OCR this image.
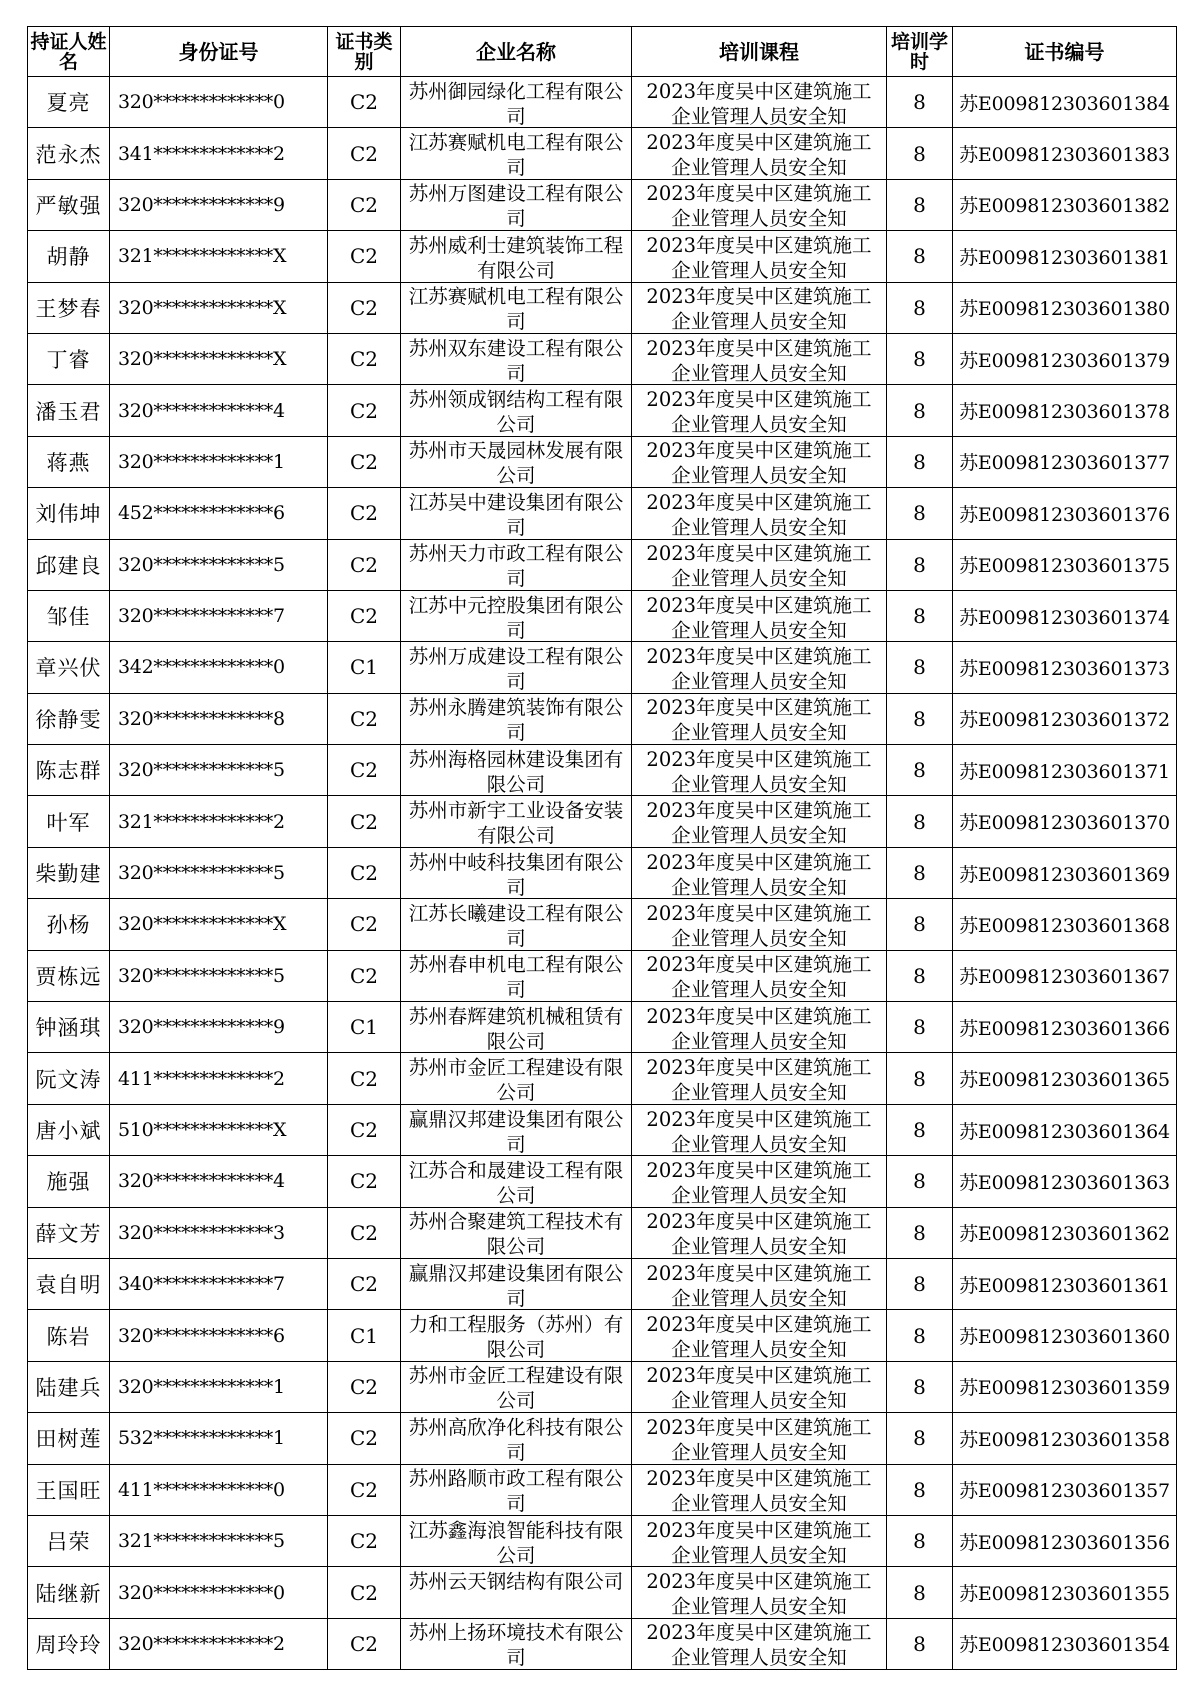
持证人姓名	身份证号	证书类别	企业名称	培训课程	培训学时	证书编号
夏亮	320*************0	C2	苏州御园绿化工程有限公司	2023年度吴中区建筑施工企业管理人员安全知	8	苏E009812303601384
范永杰	341*************2	C2	江苏赛赋机电工程有限公司	2023年度吴中区建筑施工企业管理人员安全知	8	苏E009812303601383
严敏强	320*************9	C2	苏州万图建设工程有限公司	2023年度吴中区建筑施工企业管理人员安全知	8	苏E009812303601382
胡静	321*************X	C2	苏州威利士建筑装饰工程有限公司	2023年度吴中区建筑施工企业管理人员安全知	8	苏E009812303601381
王梦春	320*************X	C2	江苏赛赋机电工程有限公司	2023年度吴中区建筑施工企业管理人员安全知	8	苏E009812303601380
丁睿	320*************X	C2	苏州双东建设工程有限公司	2023年度吴中区建筑施工企业管理人员安全知	8	苏E009812303601379
潘玉君	320*************4	C2	苏州领成钢结构工程有限公司	2023年度吴中区建筑施工企业管理人员安全知	8	苏E009812303601378
蒋燕	320*************1	C2	苏州市天晟园林发展有限公司	2023年度吴中区建筑施工企业管理人员安全知	8	苏E009812303601377
刘伟坤	452*************6	C2	江苏吴中建设集团有限公司	2023年度吴中区建筑施工企业管理人员安全知	8	苏E009812303601376
邱建良	320*************5	C2	苏州天力市政工程有限公司	2023年度吴中区建筑施工企业管理人员安全知	8	苏E009812303601375
邹佳	320*************7	C2	江苏中元控股集团有限公司	2023年度吴中区建筑施工企业管理人员安全知	8	苏E009812303601374
章兴伏	342*************0	C1	苏州万成建设工程有限公司	2023年度吴中区建筑施工企业管理人员安全知	8	苏E009812303601373
徐静雯	320*************8	C2	苏州永腾建筑装饰有限公司	2023年度吴中区建筑施工企业管理人员安全知	8	苏E009812303601372
陈志群	320*************5	C2	苏州海格园林建设集团有限公司	2023年度吴中区建筑施工企业管理人员安全知	8	苏E009812303601371
叶军	321*************2	C2	苏州市新宇工业设备安装有限公司	2023年度吴中区建筑施工企业管理人员安全知	8	苏E009812303601370
柴勤建	320*************5	C2	苏州中岐科技集团有限公司	2023年度吴中区建筑施工企业管理人员安全知	8	苏E009812303601369
孙杨	320*************X	C2	江苏长曦建设工程有限公司	2023年度吴中区建筑施工企业管理人员安全知	8	苏E009812303601368
贾栋远	320*************5	C2	苏州春申机电工程有限公司	2023年度吴中区建筑施工企业管理人员安全知	8	苏E009812303601367
钟涵琪	320*************9	C1	苏州春辉建筑机械租赁有限公司	2023年度吴中区建筑施工企业管理人员安全知	8	苏E009812303601366
阮文涛	411*************2	C2	苏州市金匠工程建设有限公司	2023年度吴中区建筑施工企业管理人员安全知	8	苏E009812303601365
唐小斌	510*************X	C2	赢鼎汉邦建设集团有限公司	2023年度吴中区建筑施工企业管理人员安全知	8	苏E009812303601364
施强	320*************4	C2	江苏合和晟建设工程有限公司	2023年度吴中区建筑施工企业管理人员安全知	8	苏E009812303601363
薛文芳	320*************3	C2	苏州合聚建筑工程技术有限公司	2023年度吴中区建筑施工企业管理人员安全知	8	苏E009812303601362
袁自明	340*************7	C2	赢鼎汉邦建设集团有限公司	2023年度吴中区建筑施工企业管理人员安全知	8	苏E009812303601361
陈岩	320*************6	C1	力和工程服务（苏州）有限公司	2023年度吴中区建筑施工企业管理人员安全知	8	苏E009812303601360
陆建兵	320*************1	C2	苏州市金匠工程建设有限公司	2023年度吴中区建筑施工企业管理人员安全知	8	苏E009812303601359
田树莲	532*************1	C2	苏州高欣净化科技有限公司	2023年度吴中区建筑施工企业管理人员安全知	8	苏E009812303601358
王国旺	411*************0	C2	苏州路顺市政工程有限公司	2023年度吴中区建筑施工企业管理人员安全知	8	苏E009812303601357
吕荣	321*************5	C2	江苏鑫海浪智能科技有限公司	2023年度吴中区建筑施工企业管理人员安全知	8	苏E009812303601356
陆继新	320*************0	C2	苏州云天钢结构有限公司	2023年度吴中区建筑施工企业管理人员安全知	8	苏E009812303601355
周玲玲	320*************2	C2	苏州上扬环境技术有限公司	2023年度吴中区建筑施工企业管理人员安全知	8	苏E009812303601354
